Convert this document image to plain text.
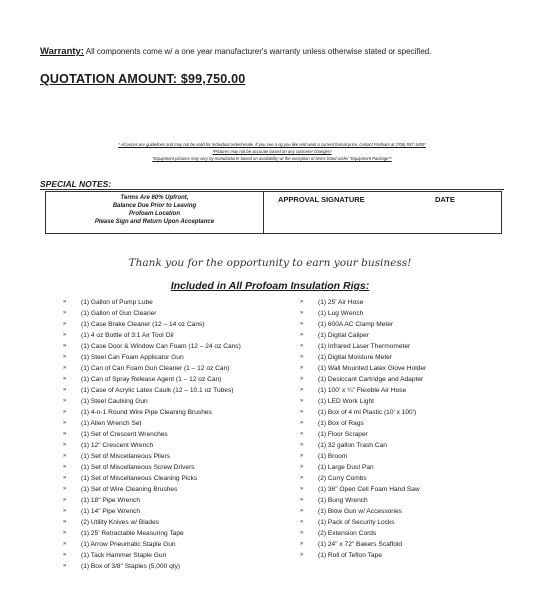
Warranty: All components come w/ a one year manufacturer's warranty unless otherwise stated or specified.
QUOTATION AMOUNT: $99,750.00
* All prices are guidelines and may not be valid for individual order/resale. If you see a rig you like and want a current formal price, contact Profoam at (706) 557-1400*
*Pictures may not be accurate based on any customer changes*
*Equipment pictures may vary by manufacturer based on availability w/ the exception of items listed under "Equipment Package"*
SPECIAL NOTES:
Terms Are 60% Upfront,
Balance Due Prior to Leaving
Profoam Location
Please Sign and Return Upon Acceptance
APPROVAL SIGNATURE	DATE
Thank you for the opportunity to earn your business!
Included in All Profoam Insulation Rigs:
» (1) Gallon of Pump Lube
» (1) Gallon of Gun Cleaner
» (1) Case Brake Cleaner (12 – 14 oz Cans)
» (1) 4 oz Bottle of 3:1 Air Tool Oil
» (1) Case Door & Window Can Foam (12 – 24 oz Cans)
» (1) Steel Can Foam Applicator Gun
» (1) Can of Can Foam Gun Cleaner (1 – 12 oz Can)
» (1) Can of Spray Release Agent (1 – 12 oz Can)
» (1) Case of Acrylic Latex Caulk (12 – 10.1 oz Tubes)
» (1) Steel Caulking Gun
» (1) 4-n-1 Round Wire Pipe Cleaning Brushes
» (1) Allen Wrench Set
» (1) Set of Crescent Wrenches
» (1) 12" Crescent Wrench
» (1) Set of Miscellaneous Pliers
» (1) Set of Miscellaneous Screw Drivers
» (1) Set of Miscellaneous Cleaning Picks
» (1) Set of Wire Cleaning Brushes
» (1) 18" Pipe Wrench
» (1) 14" Pipe Wrench
» (2) Utility Knives w/ Blades
» (1) 25' Retractable Measuring Tape
» (1) Arrow Pneumatic Staple Gun
» (1) Tack Hammer Staple Gun
» (1) Box of 3/8" Staples (5,000 qty)
» (1) 25' Air Hose
» (1) Lug Wrench
» (1) 600A AC Clamp Meter
» (1) Digital Caliper
» (1) Infrared Laser Thermometer
» (1) Digital Moisture Meter
» (1) Wall Mounted Latex Glove Holder
» (1) Desiccant Cartridge and Adapter
» (1) 100' x ¼" Flexible Air Hose
» (1) LED Work Light
» (1) Box of 4 ml Plastic (10' x 100')
» (1) Box of Rags
» (1) Floor Scraper
» (1) 32 gallon Trash Can
» (1) Broom
» (1) Large Dust Pan
» (2) Curry Combs
» (1) 36" Open Cell Foam Hand Saw
» (1) Bung Wrench
» (1) Blow Gun w/ Accessories
» (1) Pack of Security Locks
» (2) Extension Cords
» (1) 24" x 72" Bakers Scaffold
» (1) Roll of Teflon Tape
